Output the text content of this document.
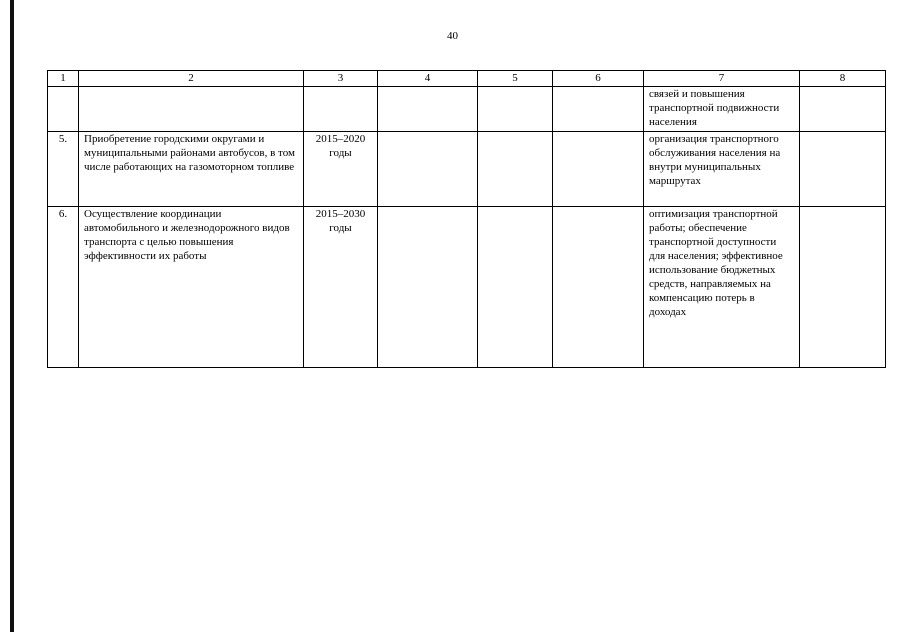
40
1	2	3	4	5	6	7	8
						связей и повышения транспортной подвижности населения	
5.	Приобретение городскими округами и муниципальными районами автобусов, в том числе работающих на газомоторном топливе	2015–2020 годы				организация транспортного обслуживания населения на внутри муниципальных маршрутах	
6.	Осуществление координации автомобильного и железнодорожного видов транспорта с целью повышения эффективности их работы	2015–2030 годы				оптимизация транспортной работы; обеспечение транспортной доступности для населения; эффективное использование бюджетных средств, направляемых на компенсацию потерь в доходах	
